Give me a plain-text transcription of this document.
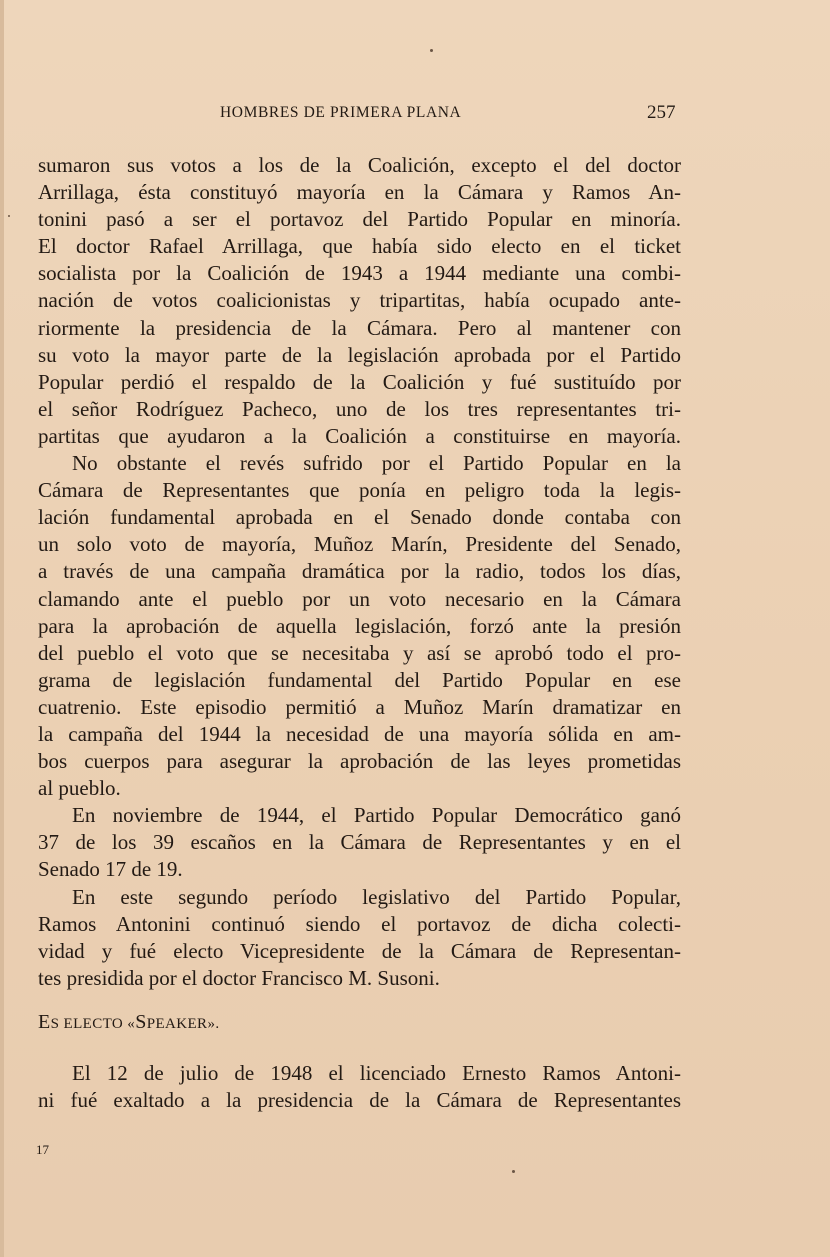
HOMBRES DE PRIMERA PLANA	257
sumaron sus votos a los de la Coalición, excepto el del doctor
Arrillaga, ésta constituyó mayoría en la Cámara y Ramos An-
tonini pasó a ser el portavoz del Partido Popular en minoría.
El doctor Rafael Arrillaga, que había sido electo en el ticket
socialista por la Coalición de 1943 a 1944 mediante una combi-
nación de votos coalicionistas y tripartitas, había ocupado ante-
riormente la presidencia de la Cámara. Pero al mantener con
su voto la mayor parte de la legislación aprobada por el Partido
Popular perdió el respaldo de la Coalición y fué sustituído por
el señor Rodríguez Pacheco, uno de los tres representantes tri-
partitas que ayudaron a la Coalición a constituirse en mayoría.
No obstante el revés sufrido por el Partido Popular en la
Cámara de Representantes que ponía en peligro toda la legis-
lación fundamental aprobada en el Senado donde contaba con
un solo voto de mayoría, Muñoz Marín, Presidente del Senado,
a través de una campaña dramática por la radio, todos los días,
clamando ante el pueblo por un voto necesario en la Cámara
para la aprobación de aquella legislación, forzó ante la presión
del pueblo el voto que se necesitaba y así se aprobó todo el pro-
grama de legislación fundamental del Partido Popular en ese
cuatrenio. Este episodio permitió a Muñoz Marín dramatizar en
la campaña del 1944 la necesidad de una mayoría sólida en am-
bos cuerpos para asegurar la aprobación de las leyes prometidas
al pueblo.
En noviembre de 1944, el Partido Popular Democrático ganó
37 de los 39 escaños en la Cámara de Representantes y en el
Senado 17 de 19.
En este segundo período legislativo del Partido Popular,
Ramos Antonini continuó siendo el portavoz de dicha colecti-
vidad y fué electo Vicepresidente de la Cámara de Representan-
tes presidida por el doctor Francisco M. Susoni.
ES ELECTO «SPEAKER».
El 12 de julio de 1948 el licenciado Ernesto Ramos Antoni-
ni fué exaltado a la presidencia de la Cámara de Representantes
17
